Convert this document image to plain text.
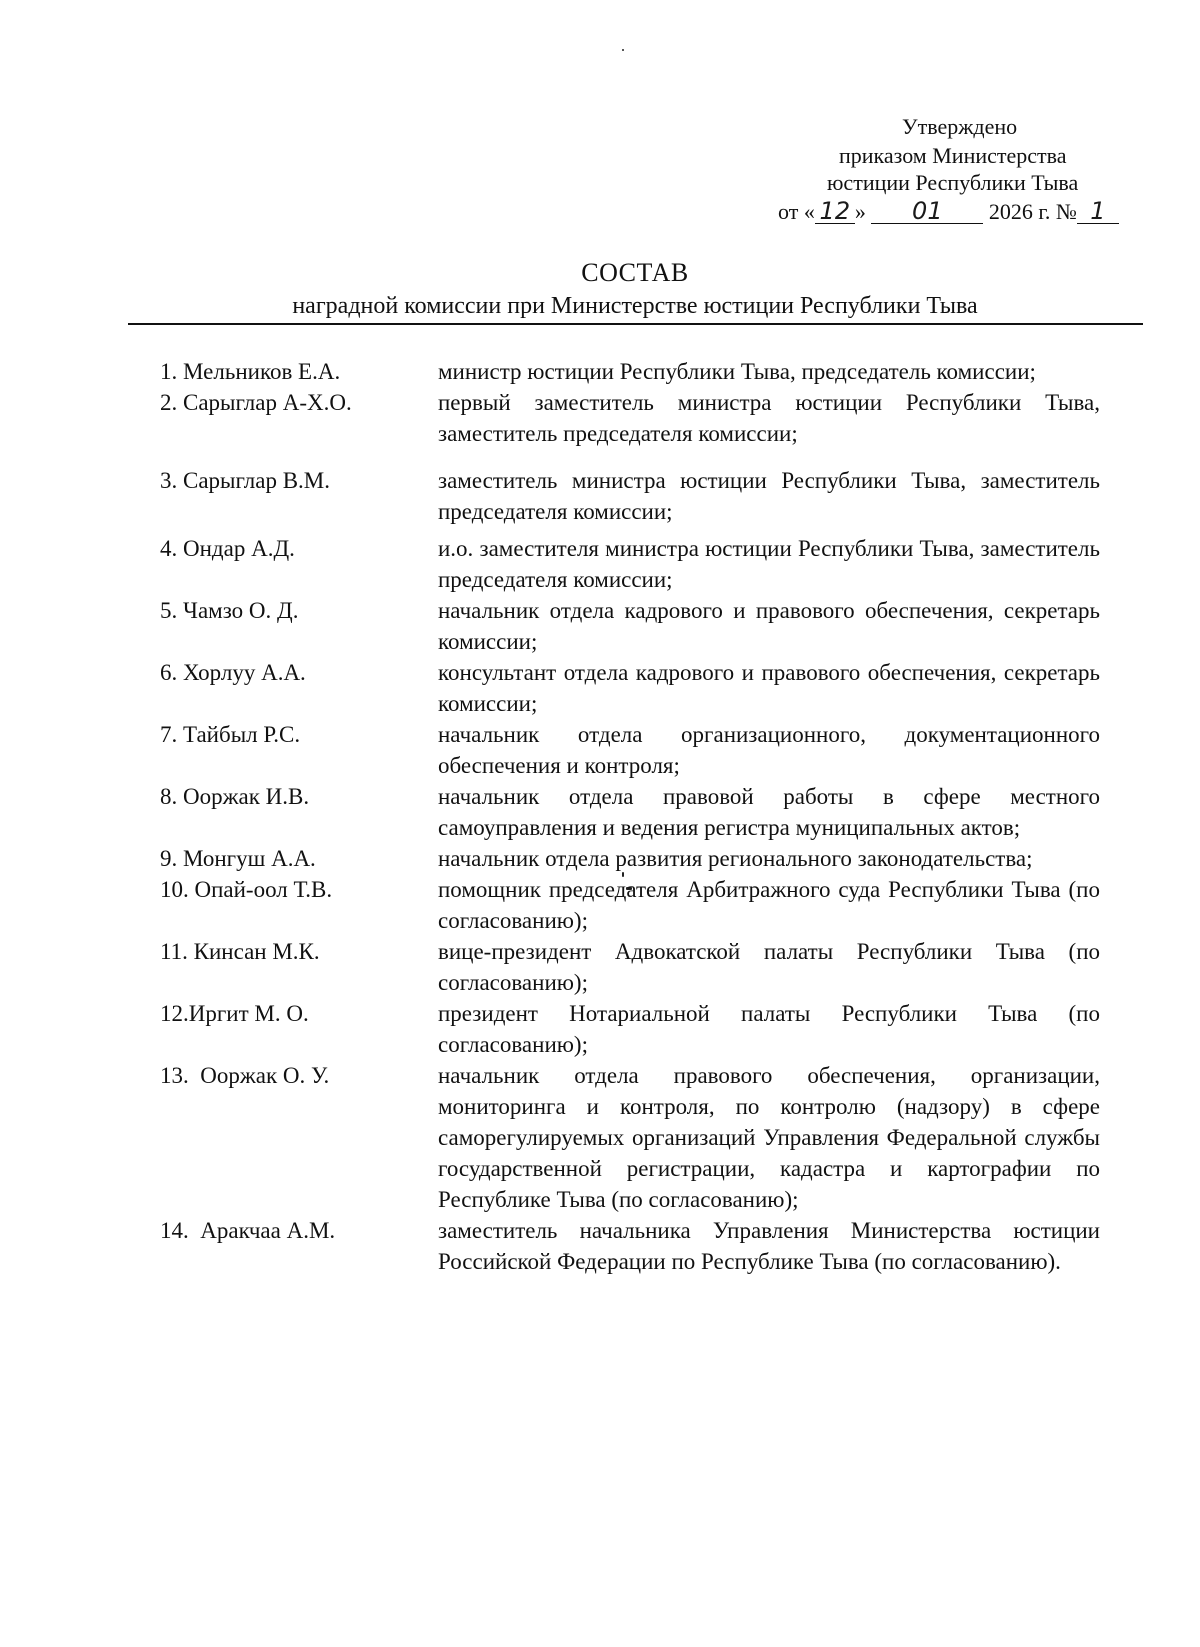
Утверждено
приказом Министерства
юстиции Республики Тыва
от « 12 » 01 2026 г. № 1
СОСТАВ
наградной комиссии при Министерстве юстиции Республики Тыва
1. Мельников Е.А.	министр юстиции Республики Тыва, председатель комиссии;
2. Сарыглар А-Х.О.	первый заместитель министра юстиции Республики Тыва, заместитель председателя комиссии;
3. Сарыглар В.М.	заместитель министра юстиции Республики Тыва, заместитель председателя комиссии;
4. Ондар А.Д.	и.о. заместителя министра юстиции Республики Тыва, заместитель председателя комиссии;
5. Чамзо О. Д.	начальник отдела кадрового и правового обеспечения, секретарь комиссии;
6. Хорлуу А.А.	консультант отдела кадрового и правового обеспечения, секретарь комиссии;
7. Тайбыл Р.С.	начальник отдела организационного, документационного обеспечения и контроля;
8. Ооржак И.В.	начальник отдела правовой работы в сфере местного самоуправления и ведения регистра муниципальных актов;
9. Монгуш А.А.	начальник отдела развития регионального законодательства;
10. Опай-оол Т.В.	помощник председателя Арбитражного суда Республики Тыва (по согласованию);
11. Кинсан М.К.	вице-президент Адвокатской палаты Республики Тыва (по согласованию);
12.Иргит М. О.	президент Нотариальной палаты Республики Тыва (по согласованию);
13.  Ооржак О. У.	начальник отдела правового обеспечения, организации, мониторинга и контроля, по контролю (надзору) в сфере саморегулируемых организаций Управления Федеральной службы государственной регистрации, кадастра и картографии по Республике Тыва (по согласованию);
14.  Аракчаа А.М.	заместитель начальника Управления Министерства юстиции Российской Федерации по Республике Тыва (по согласованию).
